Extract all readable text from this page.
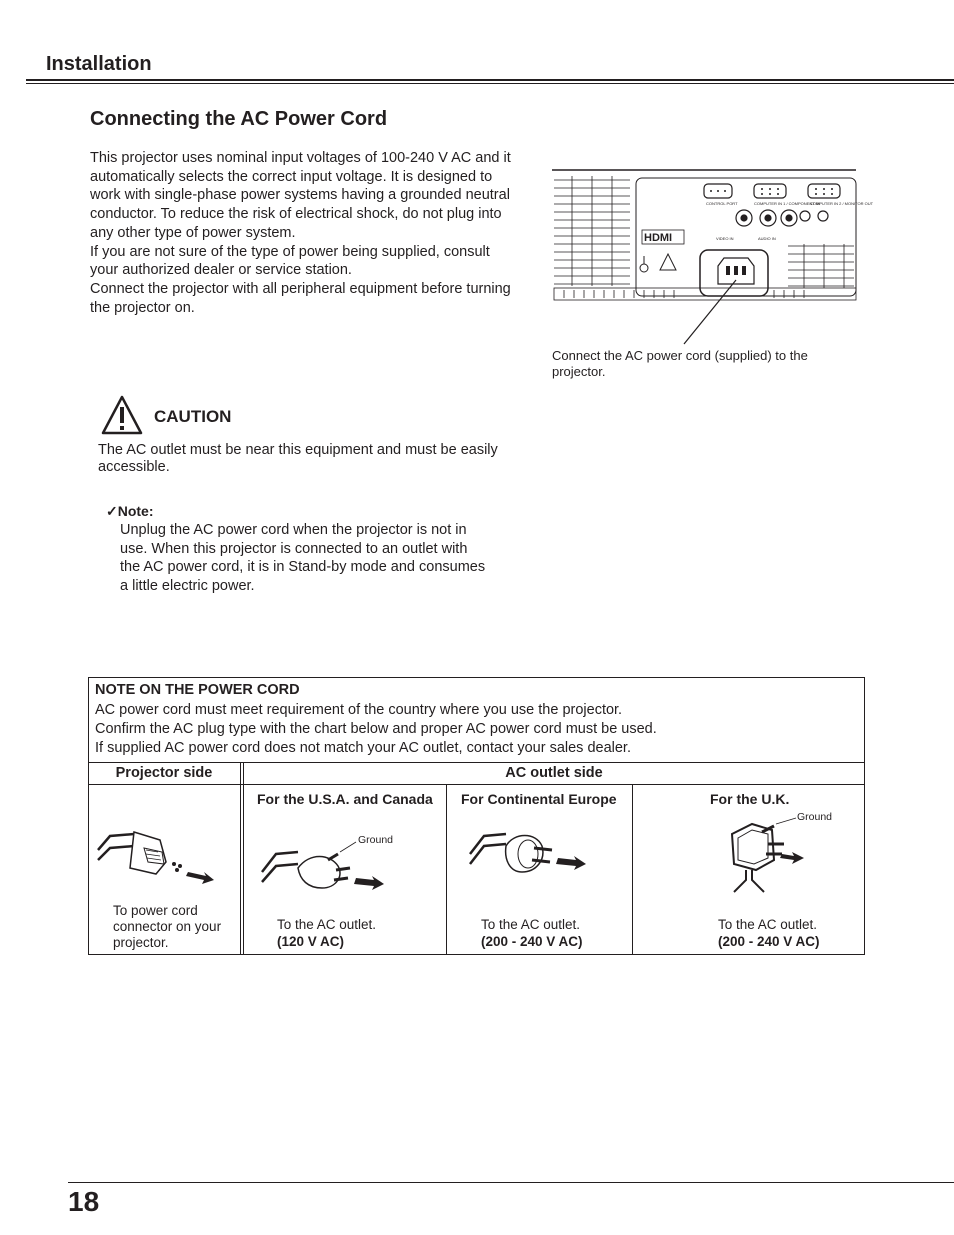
Installation
Connecting the AC Power Cord

This projector uses nominal input voltages of 100-240 V AC and it automatically selects the correct input voltage. It is designed to work with single-phase power systems having a grounded neutral conductor. To reduce the risk of electrical shock, do not plug into any other type of power system.

If you are not sure of the type of power being supplied, consult your authorized dealer or service station.

Connect the projector with all peripheral equipment before turning the projector on.

CONTROL PORT	COMPUTER IN 1 / COMPONENT IN
COMPUTER IN 2 / MONITOR OUT
VIDEO IN	AUDIO IN
HDMI
Connect the AC power cord (supplied) to the projector.
CAUTION
The AC outlet must be near this equipment and must be easily accessible.
✓Note:
Unplug the AC power cord when the projector is not in use. When this projector is connected to an outlet with the AC power cord, it is in Stand-by mode and consumes a little electric power.
NOTE ON THE POWER CORD
AC power cord must meet requirement of the country where you use the projector.
Confirm the AC plug type with the chart below and proper AC power cord must be used.
If supplied AC power cord does not match your AC outlet, contact your sales dealer.
Projector side	AC outlet side
To power cord connector on your projector.
For the U.S.A. and Canada
Ground
To the AC outlet.
(120 V AC)
For Continental Europe
To the AC outlet.
(200 - 240 V AC)
For the U.K.
Ground
To the AC outlet.
(200 - 240 V AC)
18
